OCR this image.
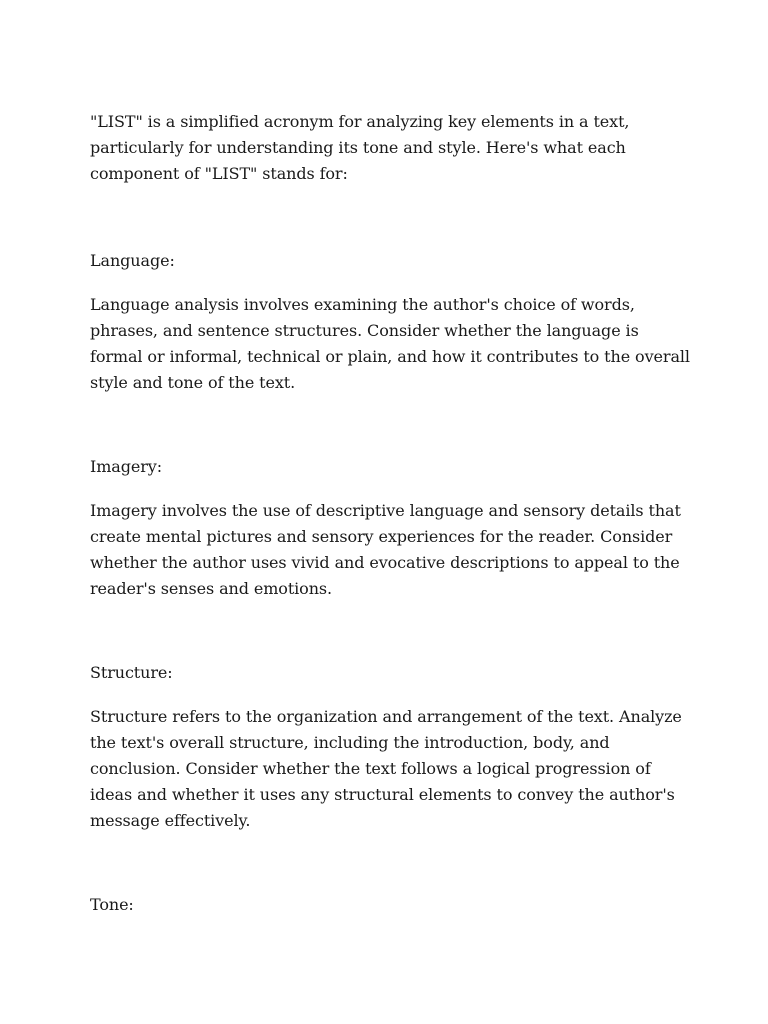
"LIST" is a simplified acronym for analyzing key elements in a text, particularly for understanding its tone and style. Here's what each component of "LIST" stands for:

Language:

Language analysis involves examining the author's choice of words, phrases, and sentence structures. Consider whether the language is formal or informal, technical or plain, and how it contributes to the overall style and tone of the text.

Imagery:

Imagery involves the use of descriptive language and sensory details that create mental pictures and sensory experiences for the reader. Consider whether the author uses vivid and evocative descriptions to appeal to the reader's senses and emotions.

Structure:

Structure refers to the organization and arrangement of the text. Analyze the text's overall structure, including the introduction, body, and conclusion. Consider whether the text follows a logical progression of ideas and whether it uses any structural elements to convey the author's message effectively.

Tone:
